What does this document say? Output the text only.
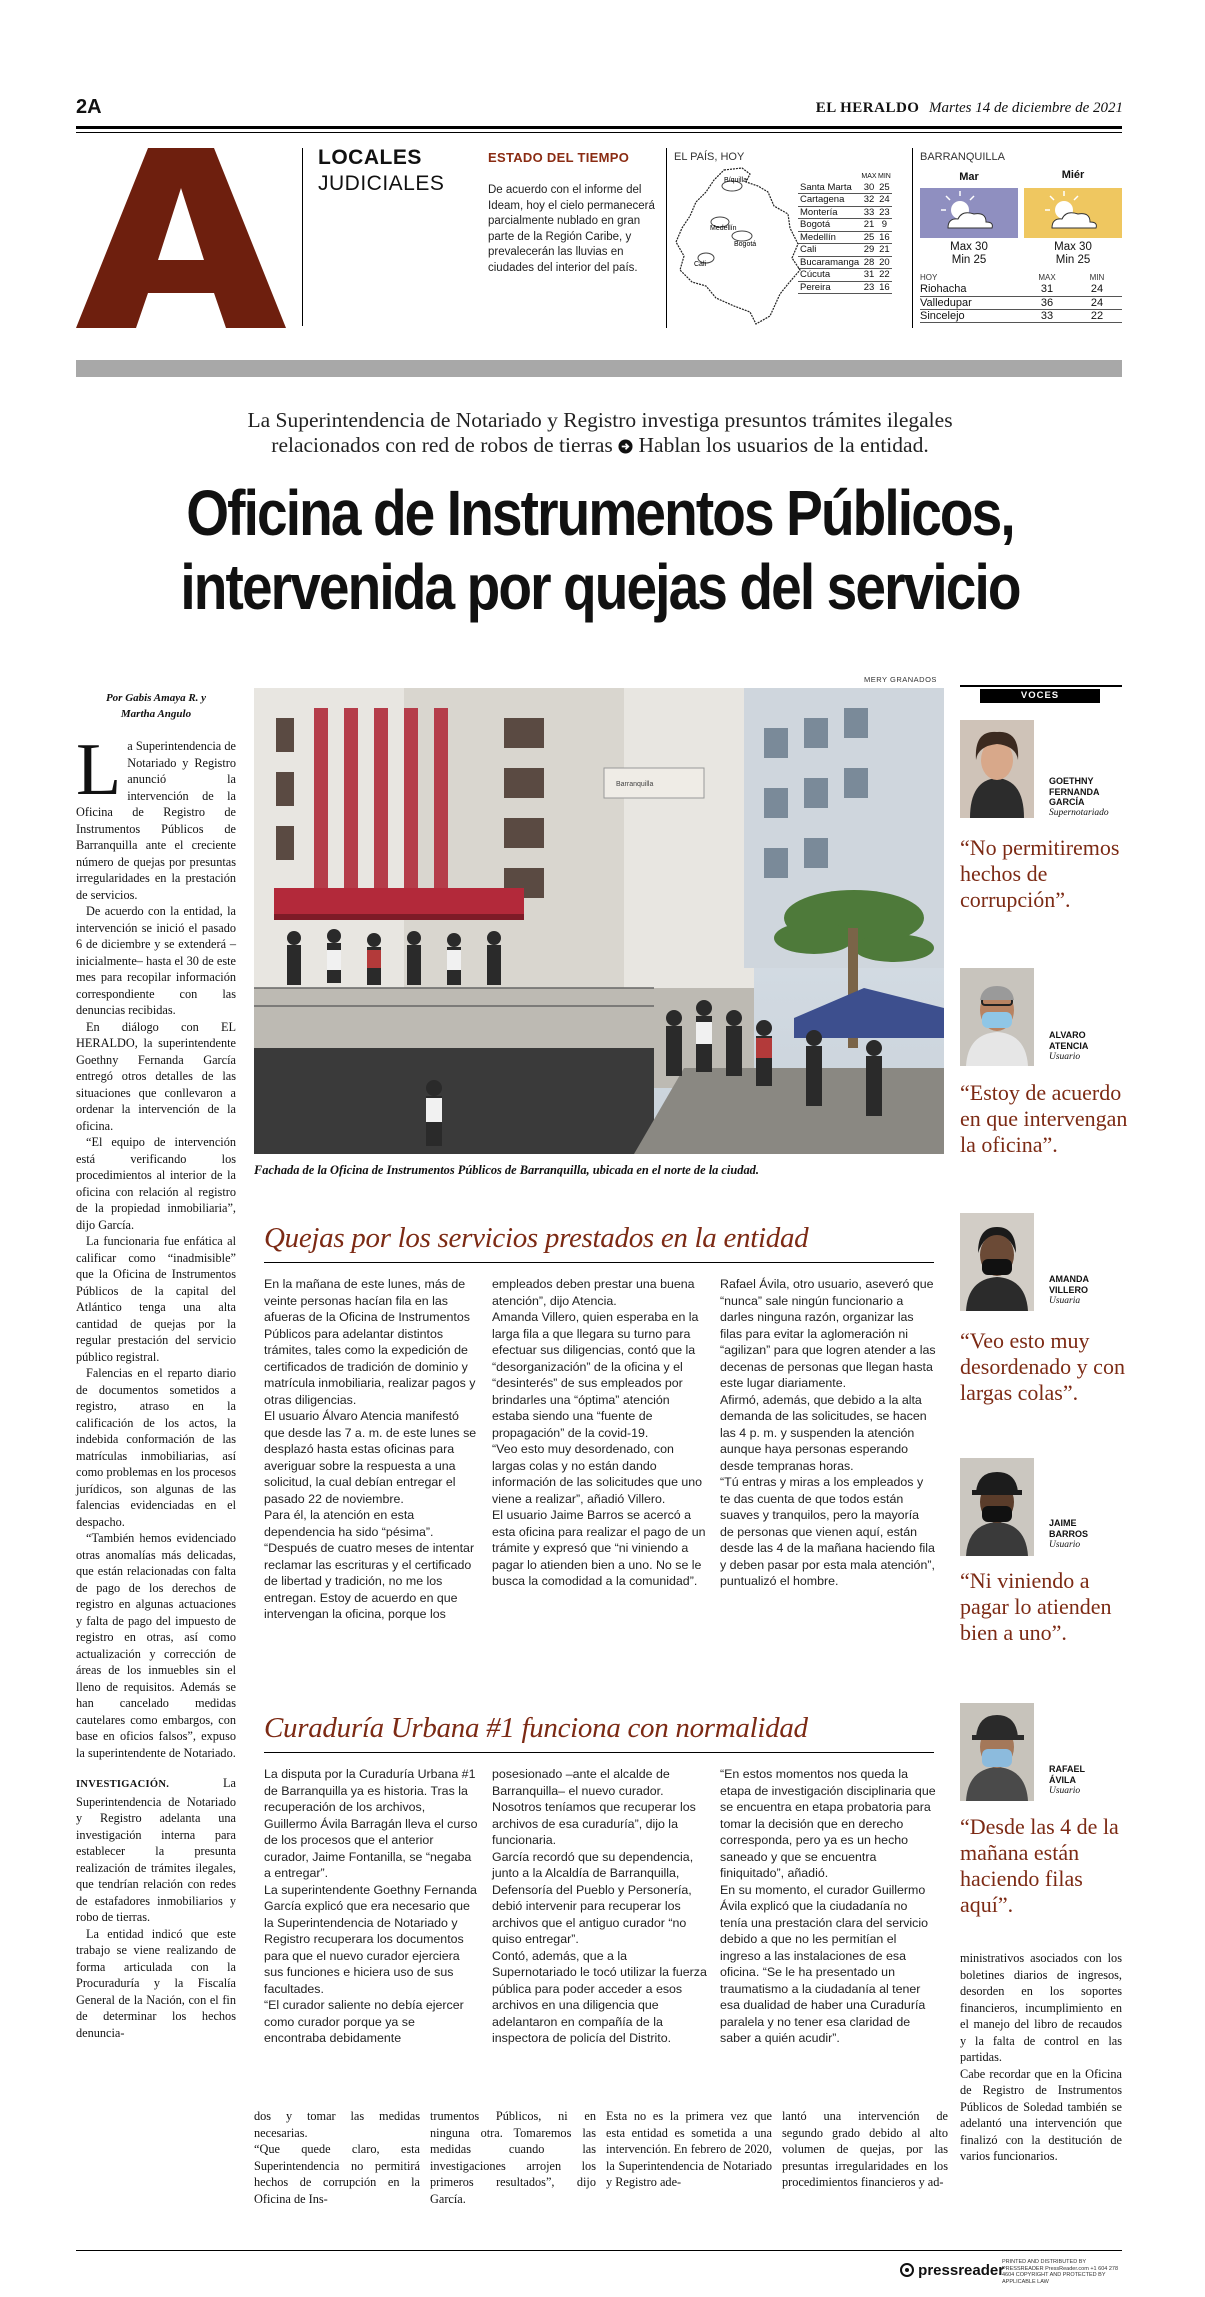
2A	EL HERALDO Martes 14 de diciembre de 2021
LOCALES
JUDICIALES
ESTADO DEL TIEMPO
De acuerdo con el informe del Ideam, hoy el cielo permanecerá parcialmente nublado en gran parte de la Región Caribe, y prevalecerán las lluvias en ciudades del interior del país.
EL PAÍS, HOY
B/quilla
Bogotá
Medellín
Cali
	MAX	MIN
Santa Marta	30	25
Cartagena	32	24
Montería	33	23
Bogotá	21	9
Medellín	25	16
Cali	29	21
Bucaramanga	28	20
Cúcuta	31	22
Pereira	23	16
BARRANQUILLA
Mar	Miér
Max 30
Min 25
Max 30
Min 25
HOY	MAX	MIN
Riohacha	31	24
Valledupar	36	24
Sincelejo	33	22
La Superintendencia de Notariado y Registro investiga presuntos trámites ilegales
relacionados con red de robos de tierras Hablan los usuarios de la entidad.
Oficina de Instrumentos Públicos,
intervenida por quejas del servicio
Por Gabis Amaya R. y
Martha Angulo

La Superintendencia de Notariado y Registro anunció la intervención de la Oficina de Registro de Instrumentos Públicos de Barranquilla ante el creciente número de quejas por presuntas irregularidades en la prestación de servicios.

De acuerdo con la entidad, la intervención se inició el pasado 6 de diciembre y se extenderá –inicialmente– hasta el 30 de este mes para recopilar información correspondiente con las denuncias recibidas.

En diálogo con EL HERALDO, la superintendente Goethny Fernanda García entregó otros detalles de las situaciones que conllevaron a ordenar la intervención de la oficina.

“El equipo de intervención está verificando los procedimientos al interior de la oficina con relación al registro de la propiedad inmobiliaria”, dijo García.

La funcionaria fue enfática al calificar como “inadmisible” que la Oficina de Instrumentos Públicos de la capital del Atlántico tenga una alta cantidad de quejas por la regular prestación del servicio público registral.

Falencias en el reparto diario de documentos sometidos a registro, atraso en la calificación de los actos, la indebida conformación de las matrículas inmobiliarias, así como problemas en los procesos jurídicos, son algunas de las falencias evidenciadas en el despacho.

“También hemos evidenciado otras anomalías más delicadas, que están relacionadas con falta de pago de los derechos de registro en algunas actuaciones y falta de pago del impuesto de registro en otras, así como actualización y corrección de áreas de los inmuebles sin el lleno de requisitos. Además se han cancelado medidas cautelares como embargos, con base en oficios falsos”, expuso la superintendente de Notariado.

INVESTIGACIÓN.	La Superintendencia de Notariado y Registro adelanta una investigación interna para establecer la presunta realización de trámites ilegales, que tendrían relación con redes de estafadores inmobiliarios y robo de tierras.

La entidad indicó que este trabajo se viene realizando de forma articulada con la Procuraduría y la Fiscalía General de la Nación, con el fin de determinar los hechos denuncia-

MERY GRANADOS
Barranquilla
Fachada de la Oficina de Instrumentos Públicos de Barranquilla, ubicada en el norte de la ciudad.
VOCES
GOETHNY
FERNANDA
GARCÍA
Supernotariado
“No permitiremos hechos de corrupción”.
ALVARO
ATENCIA
Usuario
“Estoy de acuerdo en que intervengan la oficina”.
AMANDA
VILLERO
Usuaria
“Veo esto muy desordenado y con largas colas”.
JAIME
BARROS
Usuario
“Ni viniendo a pagar lo atienden bien a uno”.
RAFAEL
ÁVILA
Usuario
“Desde las 4 de la mañana están haciendo filas aquí”.
Quejas por los servicios prestados en la entidad
En la mañana de este lunes, más de veinte personas hacían fila en las afueras de la Oficina de Instrumentos Públicos para adelantar distintos trámites, tales como la expedición de certificados de tradición de dominio y matrícula inmobiliaria, realizar pagos y otras diligencias.
El usuario Álvaro Atencia manifestó que desde las 7 a. m. de este lunes se desplazó hasta estas oficinas para averiguar sobre la respuesta a una solicitud, la cual debían entregar el pasado 22 de noviembre.
Para él, la atención en esta dependencia ha sido “pésima”.
“Después de cuatro meses de intentar reclamar las escrituras y el certificado de libertad y tradición, no me los entregan. Estoy de acuerdo en que intervengan la oficina, porque los
empleados deben prestar una buena atención”, dijo Atencia.
Amanda Villero, quien esperaba en la larga fila a que llegara su turno para efectuar sus diligencias, contó que la “desorganización” de la oficina y el “desinterés” de sus empleados por brindarles una “óptima” atención estaba siendo una “fuente de propagación” de la covid-19.
“Veo esto muy desordenado, con largas colas y no están dando información de las solicitudes que uno viene a realizar”, añadió Villero.
El usuario Jaime Barros se acercó a esta oficina para realizar el pago de un trámite y expresó que “ni viniendo a pagar lo atienden bien a uno. No se le busca la comodidad a la comunidad”.
Rafael Ávila, otro usuario, aseveró que “nunca” sale ningún funcionario a darles ninguna razón, organizar las filas para evitar la aglomeración ni “agilizan” para que logren atender a las decenas de personas que llegan hasta este lugar diariamente.
Afirmó, además, que debido a la alta demanda de las solicitudes, se hacen las 4 p. m. y suspenden la atención aunque haya personas esperando desde tempranas horas.
“Tú entras y miras a los empleados y te das cuenta de que todos están suaves y tranquilos, pero la mayoría de personas que vienen aquí, están desde las 4 de la mañana haciendo fila y deben pasar por esta mala atención”, puntualizó el hombre.
Curaduría Urbana #1 funciona con normalidad
La disputa por la Curaduría Urbana #1 de Barranquilla ya es historia. Tras la recuperación de los archivos, Guillermo Ávila Barragán lleva el curso de los procesos que el anterior curador, Jaime Fontanilla, se “negaba a entregar”.
La superintendente Goethny Fernanda García explicó que era necesario que la Superintendencia de Notariado y Registro recuperara los documentos para que el nuevo curador ejerciera sus funciones e hiciera uso de sus facultades.
“El curador saliente no debía ejercer como curador porque ya se encontraba debidamente
posesionado –ante el alcalde de Barranquilla– el nuevo curador. Nosotros teníamos que recuperar los archivos de esa curaduría”, dijo la funcionaria.
García recordó que su dependencia, junto a la Alcaldía de Barranquilla, Defensoría del Pueblo y Personería, debió intervenir para recuperar los archivos que el antiguo curador “no quiso entregar”.
Contó, además, que a la Supernotariado le tocó utilizar la fuerza pública para poder acceder a esos archivos en una diligencia que adelantaron en compañía de la inspectora de policía del Distrito.
“En estos momentos nos queda la etapa de investigación disciplinaria que se encuentra en etapa probatoria para tomar la decisión que en derecho corresponda, pero ya es un hecho saneado y que se encuentra finiquitado”, añadió.
En su momento, el curador Guillermo Ávila explicó que la ciudadanía no tenía una prestación clara del servicio debido a que no les permitían el ingreso a las instalaciones de esa oficina. “Se le ha presentado un traumatismo a la ciudadanía al tener esa dualidad de haber una Curaduría paralela y no tener esa claridad de saber a quién acudir”.
dos y tomar las medidas necesarias.
“Que quede claro, esta Superintendencia no permitirá hechos de corrupción en la Oficina de Ins-
trumentos Públicos, ni en ninguna otra. Tomaremos las medidas cuando las investigaciones arrojen los primeros resultados”, dijo García.
Esta no es la primera vez que esta entidad es sometida a una intervención. En febrero de 2020, la Superintendencia de Notariado y Registro ade-
lantó una intervención de segundo grado debido al alto volumen de quejas, por las presuntas irregularidades en los procedimientos financieros y ad-
ministrativos asociados con los boletines diarios de ingresos, desorden en los soportes financieros, incumplimiento en el manejo del libro de recaudos y la falta de control en las partidas.
Cabe recordar que en la Oficina de Registro de Instrumentos Públicos de Soledad también se adelantó una intervención que finalizó con la destitución de varios funcionarios.
pressreader
PRINTED AND DISTRIBUTED BY PRESSREADER PressReader.com +1 604 278 4604 COPYRIGHT AND PROTECTED BY APPLICABLE LAW
